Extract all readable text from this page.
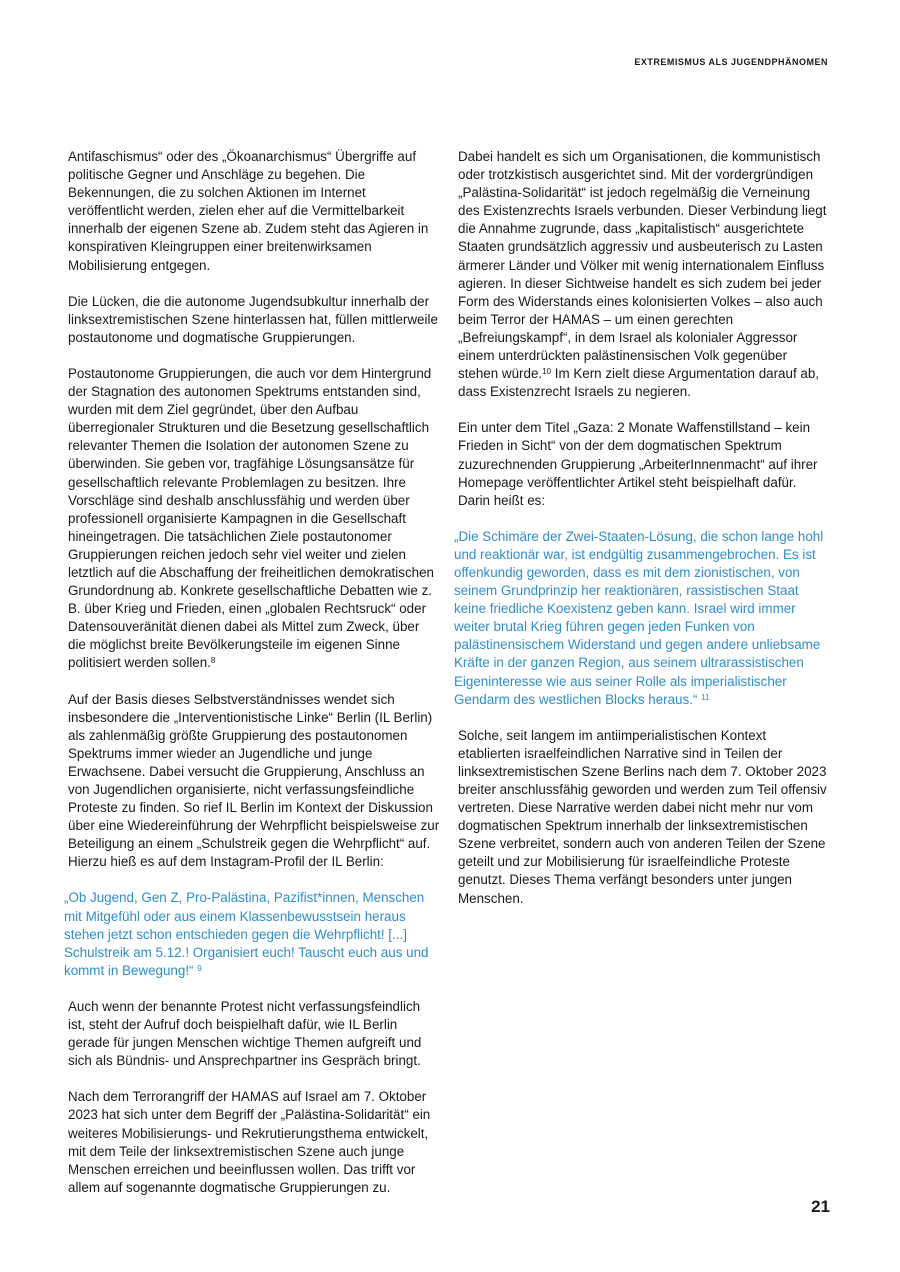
EXTREMISMUS ALS JUGENDPHÄNOMEN

Antifaschismus“ oder des „Ökoanarchismus“ Übergriffe auf politische Gegner und Anschläge zu begehen. Die Bekennungen, die zu solchen Aktionen im Internet veröffentlicht werden, zielen eher auf die Vermittelbarkeit innerhalb der eigenen Szene ab. Zudem steht das Agieren in konspirativen Kleingruppen einer breitenwirksamen Mobilisierung entgegen.

Die Lücken, die die autonome Jugendsubkultur innerhalb der linksextremistischen Szene hinterlassen hat, füllen mittlerweile postautonome und dogmatische Gruppierungen.

Postautonome Gruppierungen, die auch vor dem Hintergrund der Stagnation des autonomen Spektrums entstanden sind, wurden mit dem Ziel gegründet, über den Aufbau überregionaler Strukturen und die Besetzung gesellschaftlich relevanter Themen die Isolation der autonomen Szene zu überwinden. Sie geben vor, tragfähige Lösungsansätze für gesellschaftlich relevante Problemlagen zu besitzen. Ihre Vorschläge sind deshalb anschlussfähig und werden über professionell organisierte Kampagnen in die Gesellschaft hineingetragen. Die tatsächlichen Ziele postautonomer Gruppierungen reichen jedoch sehr viel weiter und zielen letztlich auf die Abschaffung der freiheitlichen demokratischen Grundordnung ab. Konkrete gesellschaftliche Debatten wie z. B. über Krieg und Frieden, einen „globalen Rechtsruck“ oder Datensouveränität dienen dabei als Mittel zum Zweck, über die möglichst breite Bevölkerungsteile im eigenen Sinne politisiert werden sollen.$^8$

Auf der Basis dieses Selbstverständnisses wendet sich insbesondere die „Interventionistische Linke“ Berlin (IL Berlin) als zahlenmäßig größte Gruppierung des postautonomen Spektrums immer wieder an Jugendliche und junge Erwachsene. Dabei versucht die Gruppierung, Anschluss an von Jugendlichen organisierte, nicht verfassungsfeindliche Proteste zu finden. So rief IL Berlin im Kontext der Diskussion über eine Wiedereinführung der Wehrpflicht beispielsweise zur Beteiligung an einem „Schulstreik gegen die Wehrpflicht“ auf. Hierzu hieß es auf dem Instagram-Profil der IL Berlin:

„Ob Jugend, Gen Z, Pro-Palästina, Pazifist*innen, Menschen mit Mitgefühl oder aus einem Klassenbewusstsein heraus stehen jetzt schon entschieden gegen die Wehrpflicht! [...] Schulstreik am 5.12.! Organisiert euch! Tauscht euch aus und kommt in Bewegung!“ $^9$

Auch wenn der benannte Protest nicht verfassungsfeindlich ist, steht der Aufruf doch beispielhaft dafür, wie IL Berlin gerade für jungen Menschen wichtige Themen aufgreift und sich als Bündnis- und Ansprechpartner ins Gespräch bringt.

Nach dem Terrorangriff der HAMAS auf Israel am 7. Oktober 2023 hat sich unter dem Begriff der „Palästina-Solidarität“ ein weiteres Mobilisierungs- und Rekrutierungsthema entwickelt, mit dem Teile der linksextremistischen Szene auch junge Menschen erreichen und beeinflussen wollen. Das trifft vor allem auf sogenannte dogmatische Gruppierungen zu.

Dabei handelt es sich um Organisationen, die kommunistisch oder trotzkistisch ausgerichtet sind. Mit der vordergründigen „Palästina-Solidarität“ ist jedoch regelmäßig die Verneinung des Existenzrechts Israels verbunden. Dieser Verbindung liegt die Annahme zugrunde, dass „kapitalistisch“ ausgerichtete Staaten grundsätzlich aggressiv und ausbeuterisch zu Lasten ärmerer Länder und Völker mit wenig internationalem Einfluss agieren. In dieser Sichtweise handelt es sich zudem bei jeder Form des Widerstands eines kolonisierten Volkes – also auch beim Terror der HAMAS – um einen gerechten „Befreiungskampf“, in dem Israel als kolonialer Aggressor einem unterdrückten palästinensischen Volk gegenüber stehen würde.$^{10}$ Im Kern zielt diese Argumentation darauf ab, dass Existenzrecht Israels zu negieren.

Ein unter dem Titel „Gaza: 2 Monate Waffenstillstand – kein Frieden in Sicht“ von der dem dogmatischen Spektrum zuzurechnenden Gruppierung „ArbeiterInnenmacht“ auf ihrer Homepage veröffentlichter Artikel steht beispielhaft dafür. Darin heißt es:

„Die Schimäre der Zwei-Staaten-Lösung, die schon lange hohl und reaktionär war, ist endgültig zusammengebrochen. Es ist offenkundig geworden, dass es mit dem zionistischen, von seinem Grundprinzip her reaktionären, rassistischen Staat keine friedliche Koexistenz geben kann. Israel wird immer weiter brutal Krieg führen gegen jeden Funken von palästinensischem Widerstand und gegen andere unliebsame Kräfte in der ganzen Region, aus seinem ultrarassistischen Eigeninteresse wie aus seiner Rolle als imperialistischer Gendarm des westlichen Blocks heraus.“ $^{11}$

Solche, seit langem im antiimperialistischen Kontext etablierten israelfeindlichen Narrative sind in Teilen der linksextremistischen Szene Berlins nach dem 7. Oktober 2023 breiter anschlussfähig geworden und werden zum Teil offensiv vertreten. Diese Narrative werden dabei nicht mehr nur vom dogmatischen Spektrum innerhalb der linksextremistischen Szene verbreitet, sondern auch von anderen Teilen der Szene geteilt und zur Mobilisierung für israelfeindliche Proteste genutzt. Dieses Thema verfängt besonders unter jungen Menschen.

21
